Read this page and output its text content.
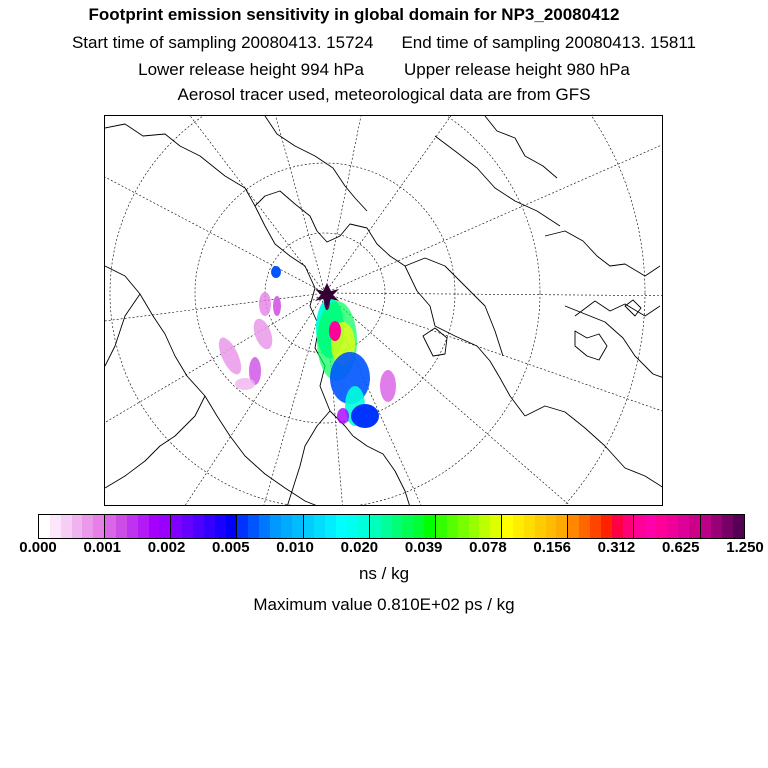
Footprint emission sensitivity in global domain for NP3_20080412
Start time of sampling 20080413. 15724 End time of sampling 20080413. 15811
Lower release height 994 hPa Upper release height 980 hPa
Aerosol tracer used, meteorological data are from GFS
ns / kg
Maximum value 0.810E+02 ps / kg
0.000 0.001 0.002 0.005 0.010 0.020 0.039 0.078 0.156 0.312 0.625 1.250
